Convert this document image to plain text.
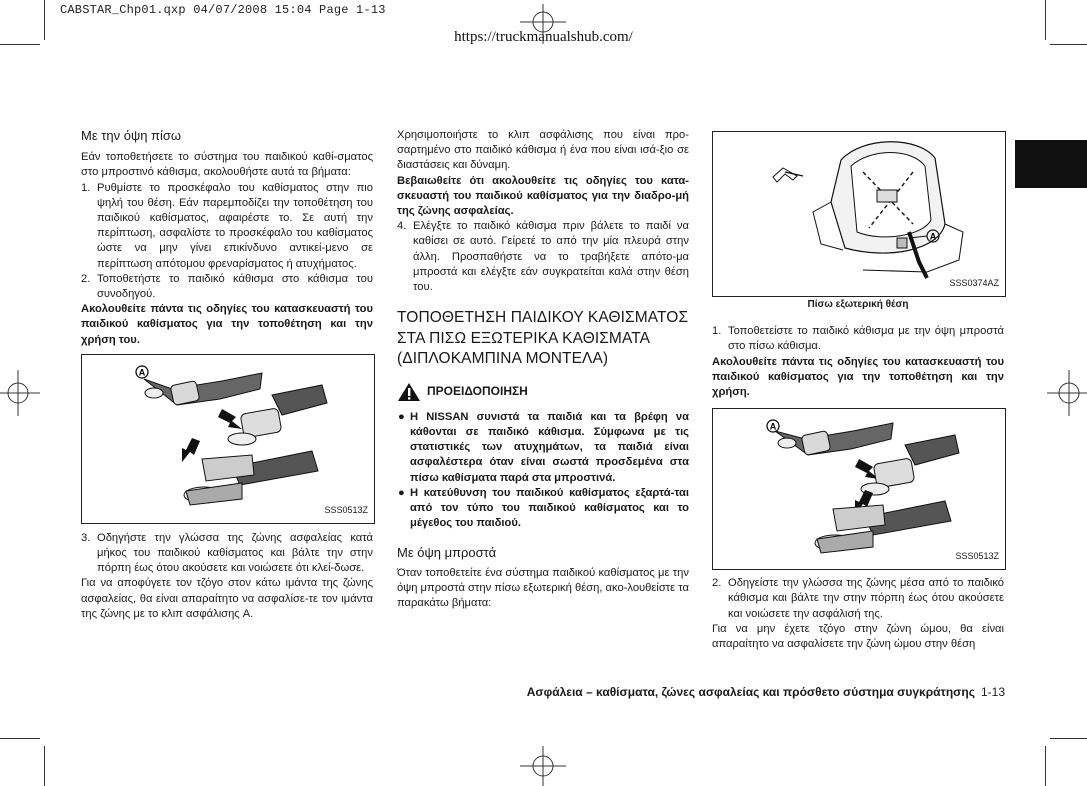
CABSTAR_Chp01.qxp 04/07/2008 15:04 Page 1-13
https://truckmanualshub.com/

Με την όψη πίσω

Εάν τοποθετήσετε το σύστημα του παιδικού καθί-σματος στο μπροστινό κάθισμα, ακολουθήστε αυτά τα βήματα:

1. Ρυθμίστε το προσκέφαλο του καθίσματος στην πιο ψηλή του θέση. Εάν παρεμποδίζει την τοποθέτηση του παιδικού καθίσματος, αφαιρέστε το. Σε αυτή την περίπτωση, ασφαλίστε το προσκέφαλο του καθίσματος ώστε να μην γίνει επικίνδυνο αντικεί-μενο σε περίπτωση απότομου φρεναρίσματος ή ατυχήματος.

2. Τοποθετήστε το παιδικό κάθισμα στο κάθισμα του συνοδηγού.

Ακολουθείτε πάντα τις οδηγίες του κατασκευαστή του παιδικού καθίσματος για την τοποθέτηση και την χρήση του.

A
SSS0513Z

3. Οδηγήστε την γλώσσα της ζώνης ασφαλείας κατά μήκος του παιδικού καθίσματος και βάλτε την στην πόρπη έως ότου ακούσετε και νοιώσετε ότι κλεί-δωσε.

Για να αποφύγετε τον τζόγο στον κάτω ιμάντα της ζώνης ασφαλείας, θα είναι απαραίτητο να ασφαλίσε-τε τον ιμάντα της ζώνης με το κλιπ ασφάλισης A.

Χρησιμοποιήστε το κλιπ ασφάλισης που είναι προ-σαρτημένο στο παιδικό κάθισμα ή ένα που είναι ισά-ξιο σε διαστάσεις και δύναμη.

Βεβαιωθείτε ότι ακολουθείτε τις οδηγίες του κατα-σκευαστή του παιδικού καθίσματος για την διαδρο-μή της ζώνης ασφαλείας.

4. Ελέγξτε το παιδικό κάθισμα πριν βάλετε το παιδί να καθίσει σε αυτό. Γείρετέ το από την μία πλευρά στην άλλη. Προσπαθήστε να το τραβήξετε απότο-μα μπροστά και ελέγξτε εάν συγκρατείται καλά στην θέση του.

ΤΟΠΟΘΕΤΗΣΗ ΠΑΙΔΙΚΟΥ ΚΑΘΙΣΜΑΤΟΣ ΣΤΑ ΠΙΣΩ ΕΞΩΤΕΡΙΚΑ ΚΑΘΙΣΜΑΤΑ (ΔΙΠΛΟΚΑΜΠΙΝΑ ΜΟΝΤΕΛΑ)

ΠΡΟΕΙΔΟΠΟΙΗΣΗ

● Η NISSAN συνιστά τα παιδιά και τα βρέφη να κάθονται σε παιδικό κάθισμα. Σύμφωνα με τις στατιστικές των ατυχημάτων, τα παιδιά είναι ασφαλέστερα όταν είναι σωστά προσδεμένα στα πίσω καθίσματα παρά στα μπροστινά.

● Η κατεύθυνση του παιδικού καθίσματος εξαρτά-ται από τον τύπο του παιδικού καθίσματος και το μέγεθος του παιδιού.

Με όψη μπροστά

Όταν τοποθετείτε ένα σύστημα παιδικού καθίσματος με την όψη μπροστά στην πίσω εξωτερική θέση, ακο-λουθείστε τα παρακάτω βήματα:

A
SSS0374AZ

Πίσω εξωτερική θέση

1. Τοποθετείστε το παιδικό κάθισμα με την όψη μπροστά στο πίσω κάθισμα.

Ακολουθείτε πάντα τις οδηγίες του κατασκευαστή του παιδικού καθίσματος για την τοποθέτηση και την χρήση.

A
SSS0513Z

2. Οδηγείστε την γλώσσα της ζώνης μέσα από το παιδικό κάθισμα και βάλτε την στην πόρπη έως ότου ακούσετε και νοιώσετε την ασφάλισή της.

Για να μην έχετε τζόγο στην ζώνη ώμου, θα είναι απαραίτητο να ασφαλίσετε την ζώνη ώμου στην θέση

Ασφάλεια – καθίσματα, ζώνες ασφαλείας και πρόσθετο σύστημα συγκράτησης 1-13
